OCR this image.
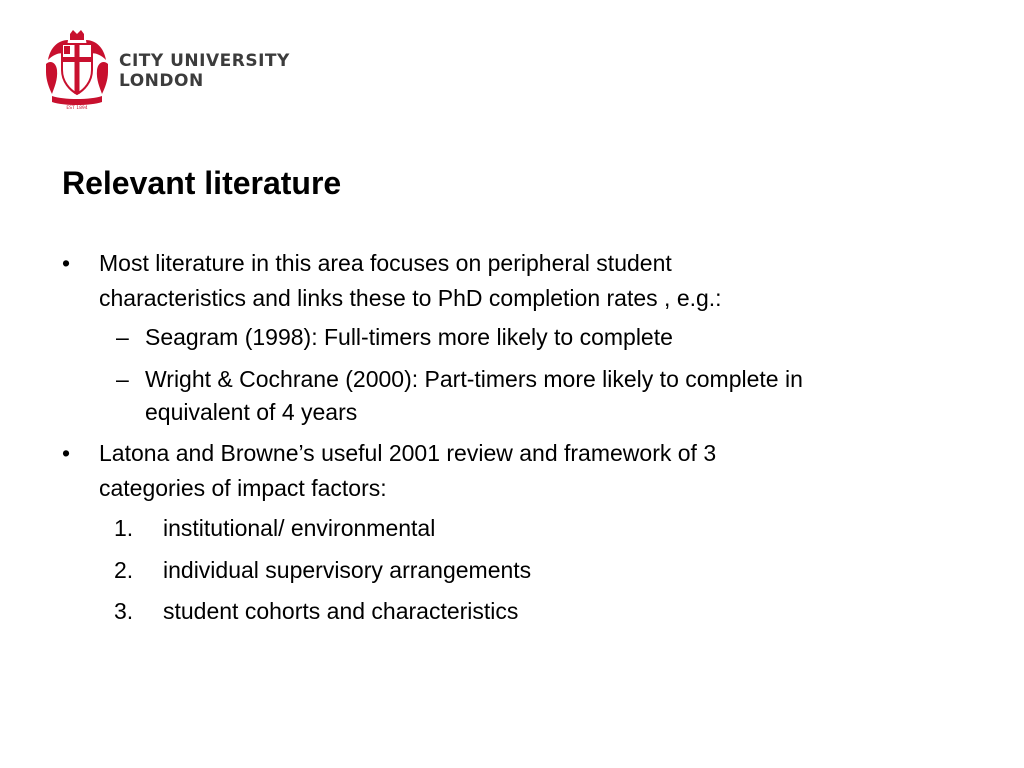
EST 1894
CITY UNIVERSITY
LONDON
Relevant literature
• Most literature in this area focuses on peripheral student
characteristics and links these to PhD completion rates , e.g.:
– Seagram (1998): Full-timers more likely to complete
– Wright & Cochrane (2000): Part-timers more likely to complete in
equivalent of 4 years
• Latona and Browne’s useful 2001 review and framework of 3
categories of impact factors:
1. institutional/ environmental
2. individual supervisory arrangements
3. student cohorts and characteristics
